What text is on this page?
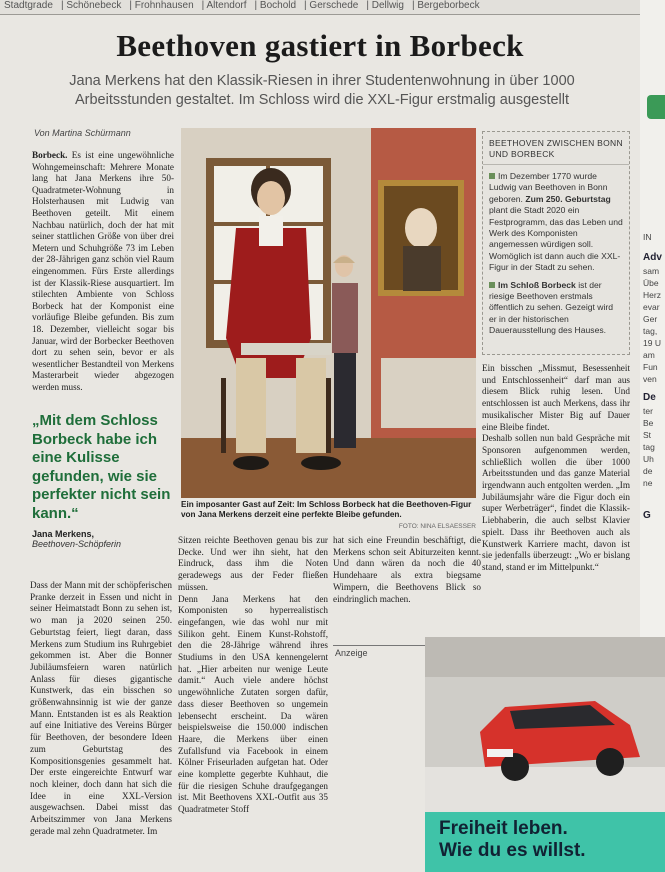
Stadtgrade | Schönebeck | Frohnhausen | Altendorf | Bochold | Gerschede | Dellwig | Bergeborbeck
IN
Adv
sam
Übe
Herz
evar
Ger
tag,
19 U
am
Fun
ven
De
ter
Be
St
tag
Uh
de
ne
G
Beethoven gastiert in Borbeck
Jana Merkens hat den Klassik-Riesen in ihrer Studentenwohnung in über 1000 Arbeitsstunden gestaltet. Im Schloss wird die XXL-Figur erstmalig ausgestellt
Von Martina Schürmann
Borbeck. Es ist eine ungewöhnliche Wohngemeinschaft: Mehrere Monate lang hat Jana Merkens ihre 50-Quadratmeter-Wohnung in Holsterhausen mit Ludwig van Beethoven geteilt. Mit einem Nachbau natürlich, doch der hat mit seiner stattlichen Größe von über drei Metern und Schuhgröße 73 im Leben der 28-Jährigen ganz schön viel Raum eingenommen. Fürs Erste allerdings ist der Klassik-Riese ausquartiert. Im stilechten Ambiente von Schloss Borbeck hat der Komponist eine vorläufige Bleibe gefunden. Bis zum 18. Dezember, vielleicht sogar bis Januar, wird der Borbecker Beethoven dort zu sehen sein, bevor er als wesentlicher Bestandteil von Merkens Masterarbeit wieder abgezogen werden muss.
„Mit dem Schloss Borbeck habe ich eine Kulisse gefunden, wie sie perfekter nicht sein kann.“
Jana Merkens,
Beethoven-Schöpferin
Dass der Mann mit der schöpferischen Pranke derzeit in Essen und nicht in seiner Heimatstadt Bonn zu sehen ist, wo man ja 2020 seinen 250. Geburtstag feiert, liegt daran, dass Merkens zum Studium ins Ruhrgebiet gekommen ist. Aber die Bonner Jubiläumsfeiern waren natürlich Anlass für dieses gigantische Kunstwerk, das ein bisschen so größenwahnsinnig ist wie der ganze Mann. Entstanden ist es als Reaktion auf eine Initiative des Vereins Bürger für Beethoven, der besondere Ideen zum Geburtstag des Kompositionsgenies gesammelt hat. Der erste eingereichte Entwurf war noch kleiner, doch dann hat sich die Idee in eine XXL-Version ausgewachsen. Dabei misst das Arbeitszimmer von Jana Merkens gerade mal zehn Quadratmeter. Im
Ein imposanter Gast auf Zeit: Im Schloss Borbeck hat die Beethoven-Figur von Jana Merkens derzeit eine perfekte Bleibe gefunden.
FOTO: NINA ELSAESSER
Sitzen reichte Beethoven genau bis zur Decke. Und wer ihn sieht, hat den Eindruck, dass ihm die Noten geradewegs aus der Feder fließen müssen.
Denn Jana Merkens hat den Komponisten so hyperrealistisch eingefangen, wie das wohl nur mit Silikon geht. Einem Kunst-Rohstoff, den die 28-Jährige während ihres Studiums in den USA kennengelernt hat. „Hier arbeiten nur wenige Leute damit.“ Auch viele andere höchst ungewöhnliche Zutaten sorgen dafür, dass dieser Beethoven so ungemein lebensecht erscheint. Da wären beispielsweise die 150.000 indischen Haare, die Merkens über einen Zufallsfund via Facebook in einem Kölner Friseurladen aufgetan hat. Oder eine komplette gegerbte Kuhhaut, die für die riesigen Schuhe draufgegangen ist. Mit Beethovens XXL-Outfit aus 35 Quadratmeter Stoff
hat sich eine Freundin beschäftigt, die Merkens schon seit Abiturzeiten kennt. Und dann wären da noch die 40 Hundehaare als extra biegsame Wimpern, die Beethovens Blick so eindringlich machen.
BEETHOVEN ZWISCHEN BONN UND BORBECK

Im Dezember 1770 wurde Ludwig van Beethoven in Bonn geboren. Zum 250. Geburtstag plant die Stadt 2020 ein Festprogramm, das das Leben und Werk des Komponisten angemessen würdigen soll. Womöglich ist dann auch die XXL-Figur in der Stadt zu sehen.

Im Schloß Borbeck ist der riesige Beethoven erstmals öffentlich zu sehen. Gezeigt wird er in der historischen Dauerausstellung des Hauses.

Ein bisschen „Missmut, Besessenheit und Entschlossenheit“ darf man aus diesem Blick ruhig lesen. Und entschlossen ist auch Merkens, dass ihr musikalischer Mister Big auf Dauer eine Bleibe findet.
Deshalb sollen nun bald Gespräche mit Sponsoren aufgenommen werden, schließlich wollen die über 1000 Arbeitsstunden und das ganze Material irgendwann auch entgolten werden. „Im Jubiläumsjahr wäre die Figur doch ein super Werbeträger“, findet die Klassik-Liebhaberin, die auch selbst Klavier spielt. Dass ihr Beethoven auch als Kunstwerk Karriere macht, davon ist sie jedenfalls überzeugt: „Wo er bislang stand, stand er im Mittelpunkt.“
Anzeige
Freiheit leben.
Wie du es willst.
